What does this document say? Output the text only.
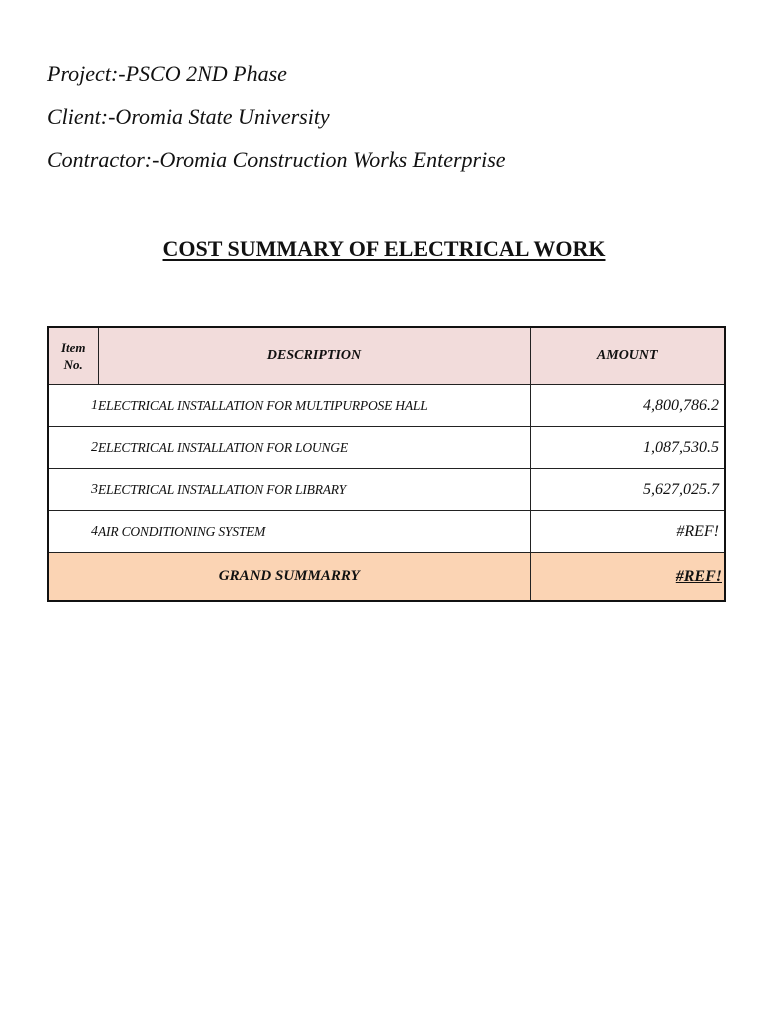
Project:-PSCO 2ND Phase
Client:-Oromia State University
Contractor:-Oromia Construction Works Enterprise
COST SUMMARY OF ELECTRICAL WORK
Item
No.	DESCRIPTION	AMOUNT
1	ELECTRICAL INSTALLATION FOR MULTIPURPOSE HALL	4,800,786.2
2	ELECTRICAL INSTALLATION FOR LOUNGE	1,087,530.5
3	ELECTRICAL INSTALLATION FOR LIBRARY	5,627,025.7
4	AIR CONDITIONING SYSTEM	#REF!
GRAND SUMMARRY		#REF!
